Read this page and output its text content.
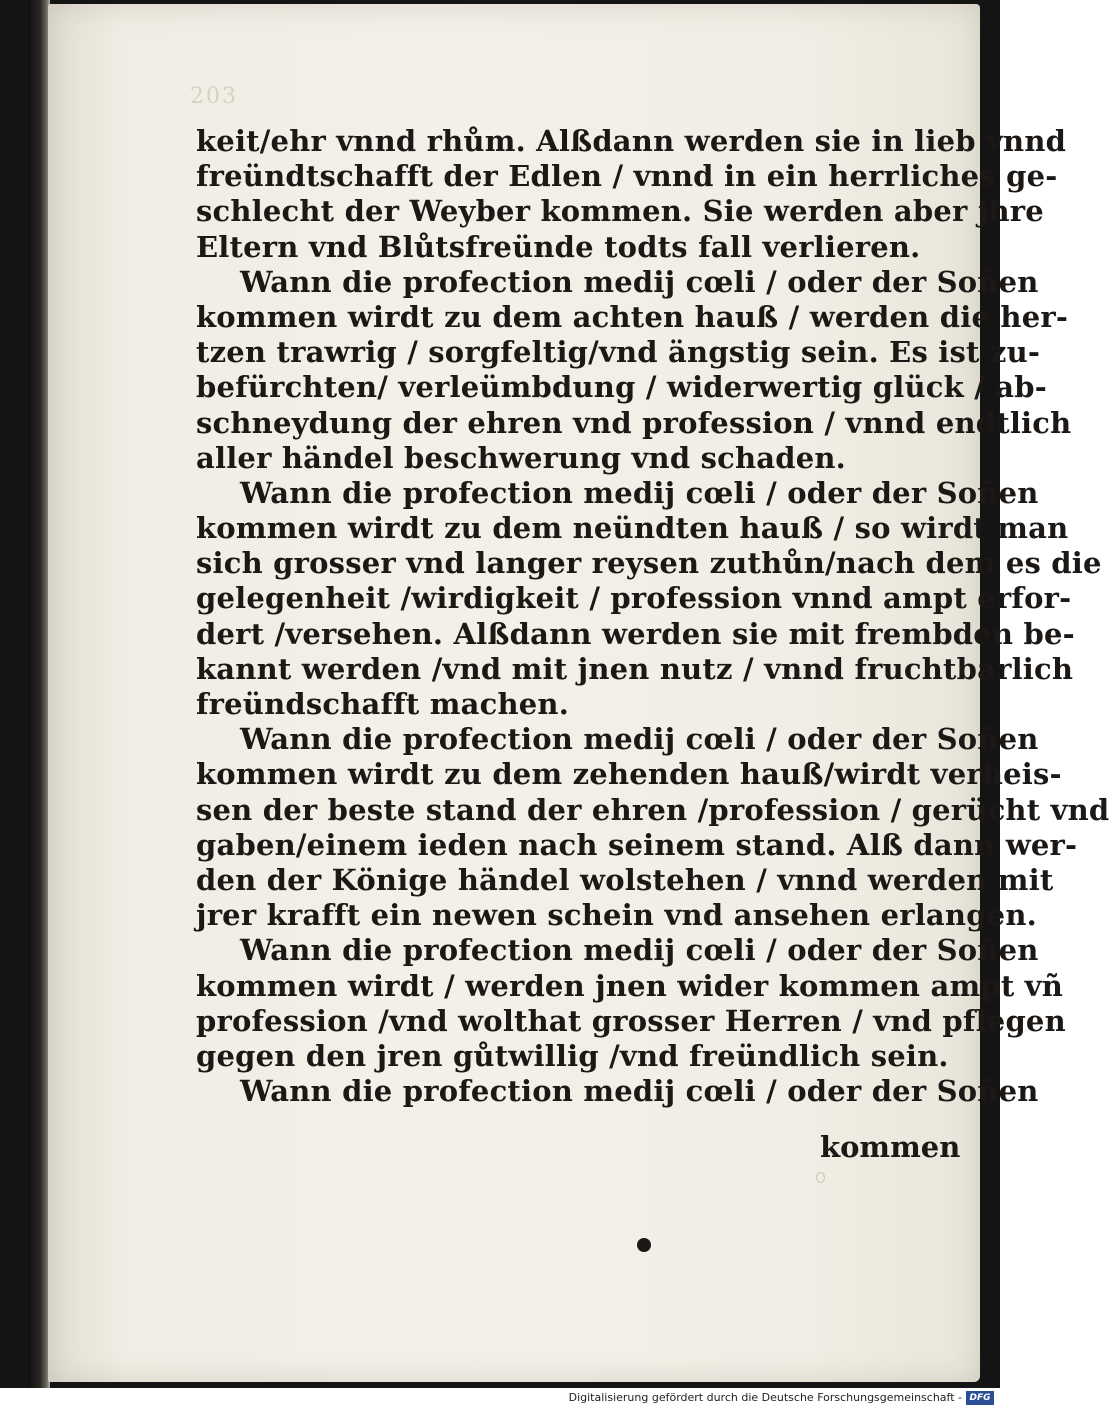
203
keit/ehr vnnd rhům. Alßdann werden sie in lieb vnnd
freündtschafft der Edlen / vnnd in ein herrliches ge-
schlecht der Weyber kommen. Sie werden aber jhre
Eltern vnd Blůtsfreünde todts fall verlieren.
Wann die profection medij cœli / oder der Soñen
kommen wirdt zu dem achten hauß / werden die her-
tzen trawrig / sorgfeltig/vnd ängstig sein. Es ist zu-
befürchten/ verleümbdung / widerwertig glück / ab-
schneydung der ehren vnd profession / vnnd endtlich
aller händel beschwerung vnd schaden.
Wann die profection medij cœli / oder der Soñen
kommen wirdt zu dem neündten hauß / so wirdt man
sich grosser vnd langer reysen zuthůn/nach dem es die
gelegenheit /wirdigkeit / profession vnnd ampt erfor-
dert /versehen. Alßdann werden sie mit frembden be-
kannt werden /vnd mit jnen nutz / vnnd fruchtbarlich
freündschafft machen.
Wann die profection medij cœli / oder der Soñen
kommen wirdt zu dem zehenden hauß/wirdt verheis-
sen der beste stand der ehren /profession / gerücht vnd
gaben/einem ieden nach seinem stand. Alß dann wer-
den der Könige händel wolstehen / vnnd werden mit
jrer krafft ein newen schein vnd ansehen erlangen.
Wann die profection medij cœli / oder der Soñen
kommen wirdt / werden jnen wider kommen ampt vñ
profession /vnd wolthat grosser Herren / vnd pflegen
gegen den jren gůtwillig /vnd freündlich sein.
Wann die profection medij cœli / oder der Soñen
kommen
Digitalisierung gefördert durch die Deutsche Forschungsgemeinschaft - DFG
